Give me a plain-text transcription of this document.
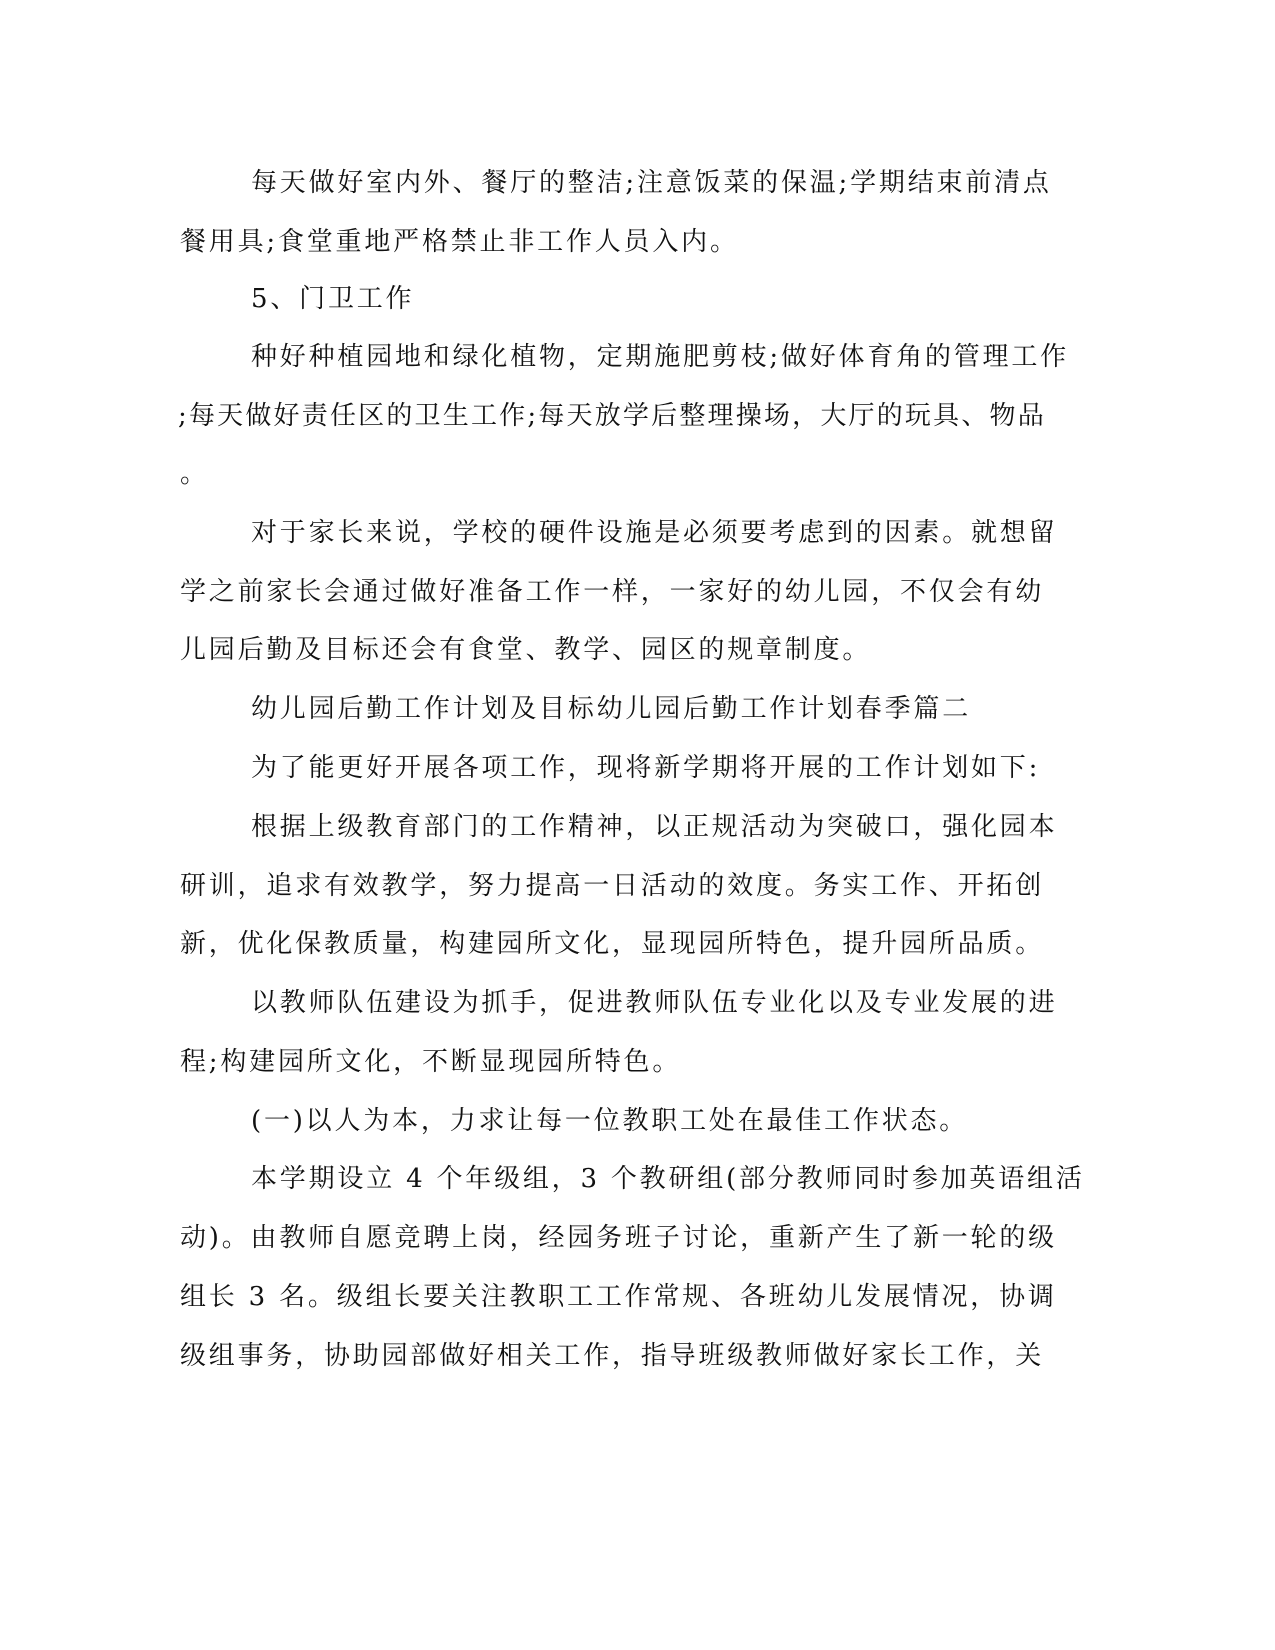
每天做好室内外、餐厅的整洁;注意饭菜的保温;学期结束前清点

餐用具;食堂重地严格禁止非工作人员入内。

5、门卫工作

种好种植园地和绿化植物，定期施肥剪枝;做好体育角的管理工作

;每天做好责任区的卫生工作;每天放学后整理操场，大厅的玩具、物品

。

对于家长来说，学校的硬件设施是必须要考虑到的因素。就想留

学之前家长会通过做好准备工作一样，一家好的幼儿园，不仅会有幼

儿园后勤及目标还会有食堂、教学、园区的规章制度。

幼儿园后勤工作计划及目标幼儿园后勤工作计划春季篇二

为了能更好开展各项工作，现将新学期将开展的工作计划如下:

根据上级教育部门的工作精神，以正规活动为突破口，强化园本

研训，追求有效教学，努力提高一日活动的效度。务实工作、开拓创

新，优化保教质量，构建园所文化，显现园所特色，提升园所品质。

以教师队伍建设为抓手，促进教师队伍专业化以及专业发展的进

程;构建园所文化，不断显现园所特色。

(一)以人为本，力求让每一位教职工处在最佳工作状态。

本学期设立 4 个年级组，3 个教研组(部分教师同时参加英语组活

动)。由教师自愿竞聘上岗，经园务班子讨论，重新产生了新一轮的级

组长 3 名。级组长要关注教职工工作常规、各班幼儿发展情况，协调

级组事务，协助园部做好相关工作，指导班级教师做好家长工作，关
